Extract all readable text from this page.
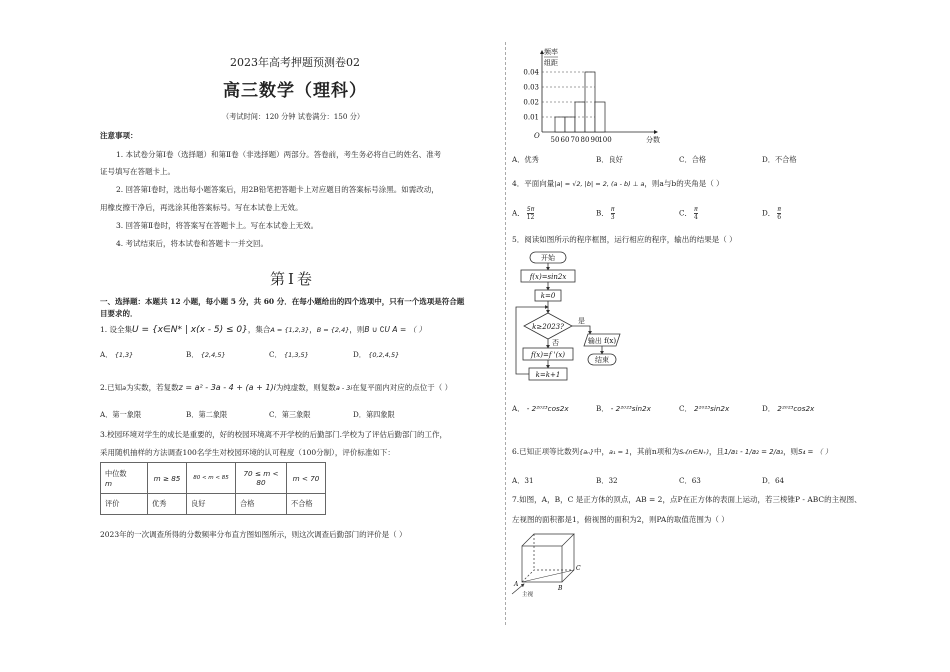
2023年高考押题预测卷02
高三数学（理科）
（考试时间：120 分钟 试卷满分：150 分）
注意事项：
1. 本试卷分第Ⅰ卷（选择题）和第Ⅱ卷（非选择题）两部分。答卷前，考生务必将自己的姓名、准考
证号填写在答题卡上。
2. 回答第Ⅰ卷时，选出每小题答案后，用2B铅笔把答题卡上对应题目的答案标号涂黑。如需改动，
用橡皮擦干净后，再选涂其他答案标号。写在本试卷上无效。
3. 回答第Ⅱ卷时，将答案写在答题卡上。写在本试卷上无效。
4. 考试结束后，将本试卷和答题卡一并交回。
第Ⅰ卷
一、选择题：本题共 12 小题，每小题 5 分，共 60 分．在每小题给出的四个选项中，只有一个选项是符合题
目要求的．
1. 设全集U = {x∈N* | x(x - 5) ≤ 0}，集合A = {1,2,3}，B = {2,4}，则B ∪ ∁U A = （ ）
A． {1,3}	B． {2,4,5}	C． {1,3,5}	D． {0,2,4,5}
2.已知a为实数，若复数z = a² - 3a - 4 + (a + 1)i为纯虚数，则复数a - 3i在复平面内对应的点位于（ ）
A．第一象限	B．第二象限	C．第三象限	D．第四象限
3.校园环境对学生的成长是重要的，好的校园环境离不开学校的后勤部门.学校为了评估后勤部门的工作，
采用随机抽样的方法调查100名学生对校园环境的认可程度（100分制），评价标准如下：
中位数
m	m ≥ 85	80 < m < 85	70 ≤ m < 80	m < 70
评价	优秀	良好	合格	不合格
2023年的一次调查所得的分数频率分布直方图如图所示，则这次调查后勤部门的评价是（ ）
0.04
0.03
0.02
0.01
50 60 70 80 90
100
O
频率
组距
分数
A．优秀	B．良好	C．合格	D．不合格
4．平面向量|a| = √2, |b| = 2, (a - b) ⊥ a，则a与b的夹角是（ ）
A． $\frac{5\pi}{12}$	B． $\frac{\pi}{3}$	C． $\frac{\pi}{4}$	D． $\frac{\pi}{6}$
5．阅读如图所示的程序框图，运行相应的程序，输出的结果是（ ）
开始
f(x)=sin2x
k=0
k≥2023?
是
输出 f(x)
结束
否
f(x)=f '(x)
k=k+1
A． - 2²⁰²³cos2x	B． - 2²⁰²³sin2x	C． 2²⁰²³sin2x	D． 2²⁰²³cos2x
6.已知正项等比数列{aₙ}中，a₁ = 1，其前n项和为Sₙ(n∈N₊)，且1/a₁ - 1/a₂ = 2/a₃，则S₄ = （ ）
A．31	B．32	C．63	D．64
7.如图，A，B，C 是正方体的顶点，AB = 2，点P在正方体的表面上运动，若三棱锥P - ABC的主视图、
左视图的面积都是1，俯视图的面积为2，则PA的取值范围为（ ）
A
B
C
主视
